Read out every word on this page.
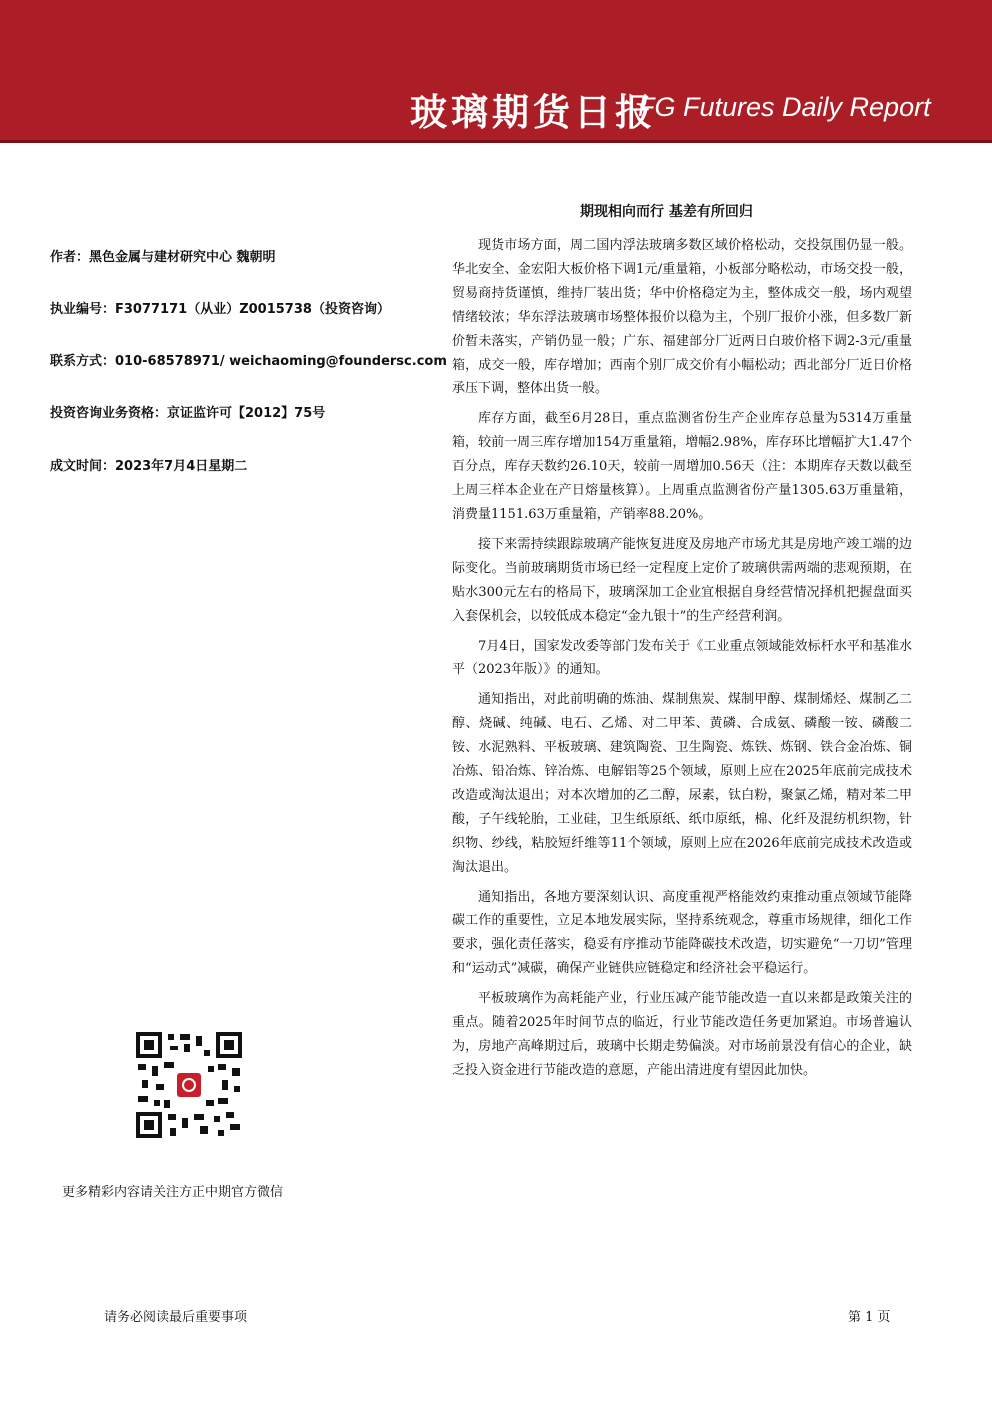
玻璃期货日报
FG Futures Daily Report
作者：黑色金属与建材研究中心 魏朝明
执业编号：F3077171（从业）Z0015738（投资咨询）
联系方式：010-68578971/ weichaoming@foundersc.com
投资咨询业务资格：京证监许可【2012】75号
成文时间：2023年7月4日星期二
期现相向而行 基差有所回归

现货市场方面，周二国内浮法玻璃多数区域价格松动，交投氛围仍显一般。华北安全、金宏阳大板价格下调1元/重量箱，小板部分略松动，市场交投一般，贸易商持货谨慎，维持厂装出货；华中价格稳定为主，整体成交一般，场内观望情绪较浓；华东浮法玻璃市场整体报价以稳为主，个别厂报价小涨，但多数厂新价暂未落实，产销仍显一般；广东、福建部分厂近两日白玻价格下调2-3元/重量箱，成交一般，库存增加；西南个别厂成交价有小幅松动；西北部分厂近日价格承压下调，整体出货一般。

库存方面，截至6月28日，重点监测省份生产企业库存总量为5314万重量箱，较前一周三库存增加154万重量箱，增幅2.98%，库存环比增幅扩大1.47个百分点，库存天数约26.10天，较前一周增加0.56天（注：本期库存天数以截至上周三样本企业在产日熔量核算）。上周重点监测省份产量1305.63万重量箱，消费量1151.63万重量箱，产销率88.20%。

接下来需持续跟踪玻璃产能恢复进度及房地产市场尤其是房地产竣工端的边际变化。当前玻璃期货市场已经一定程度上定价了玻璃供需两端的悲观预期，在贴水300元左右的格局下，玻璃深加工企业宜根据自身经营情况择机把握盘面买入套保机会，以较低成本稳定“金九银十”的生产经营利润。

7月4日，国家发改委等部门发布关于《工业重点领域能效标杆水平和基准水平（2023年版）》的通知。

通知指出，对此前明确的炼油、煤制焦炭、煤制甲醇、煤制烯烃、煤制乙二醇、烧碱、纯碱、电石、乙烯、对二甲苯、黄磷、合成氨、磷酸一铵、磷酸二铵、水泥熟料、平板玻璃、建筑陶瓷、卫生陶瓷、炼铁、炼钢、铁合金冶炼、铜冶炼、铅冶炼、锌冶炼、电解铝等25个领域，原则上应在2025年底前完成技术改造或淘汰退出；对本次增加的乙二醇，尿素，钛白粉，聚氯乙烯，精对苯二甲酸，子午线轮胎，工业硅，卫生纸原纸、纸巾原纸，棉、化纤及混纺机织物，针织物、纱线，粘胶短纤维等11个领域，原则上应在2026年底前完成技术改造或淘汰退出。

通知指出，各地方要深刻认识、高度重视严格能效约束推动重点领域节能降碳工作的重要性，立足本地发展实际，坚持系统观念，尊重市场规律，细化工作要求，强化责任落实，稳妥有序推动节能降碳技术改造，切实避免“一刀切”管理和“运动式”减碳，确保产业链供应链稳定和经济社会平稳运行。

平板玻璃作为高耗能产业，行业压减产能节能改造一直以来都是政策关注的重点。随着2025年时间节点的临近，行业节能改造任务更加紧迫。市场普遍认为，房地产高峰期过后，玻璃中长期走势偏淡。对市场前景没有信心的企业，缺乏投入资金进行节能改造的意愿，产能出清进度有望因此加快。

更多精彩内容请关注方正中期官方微信
请务必阅读最后重要事项	第 1 页
